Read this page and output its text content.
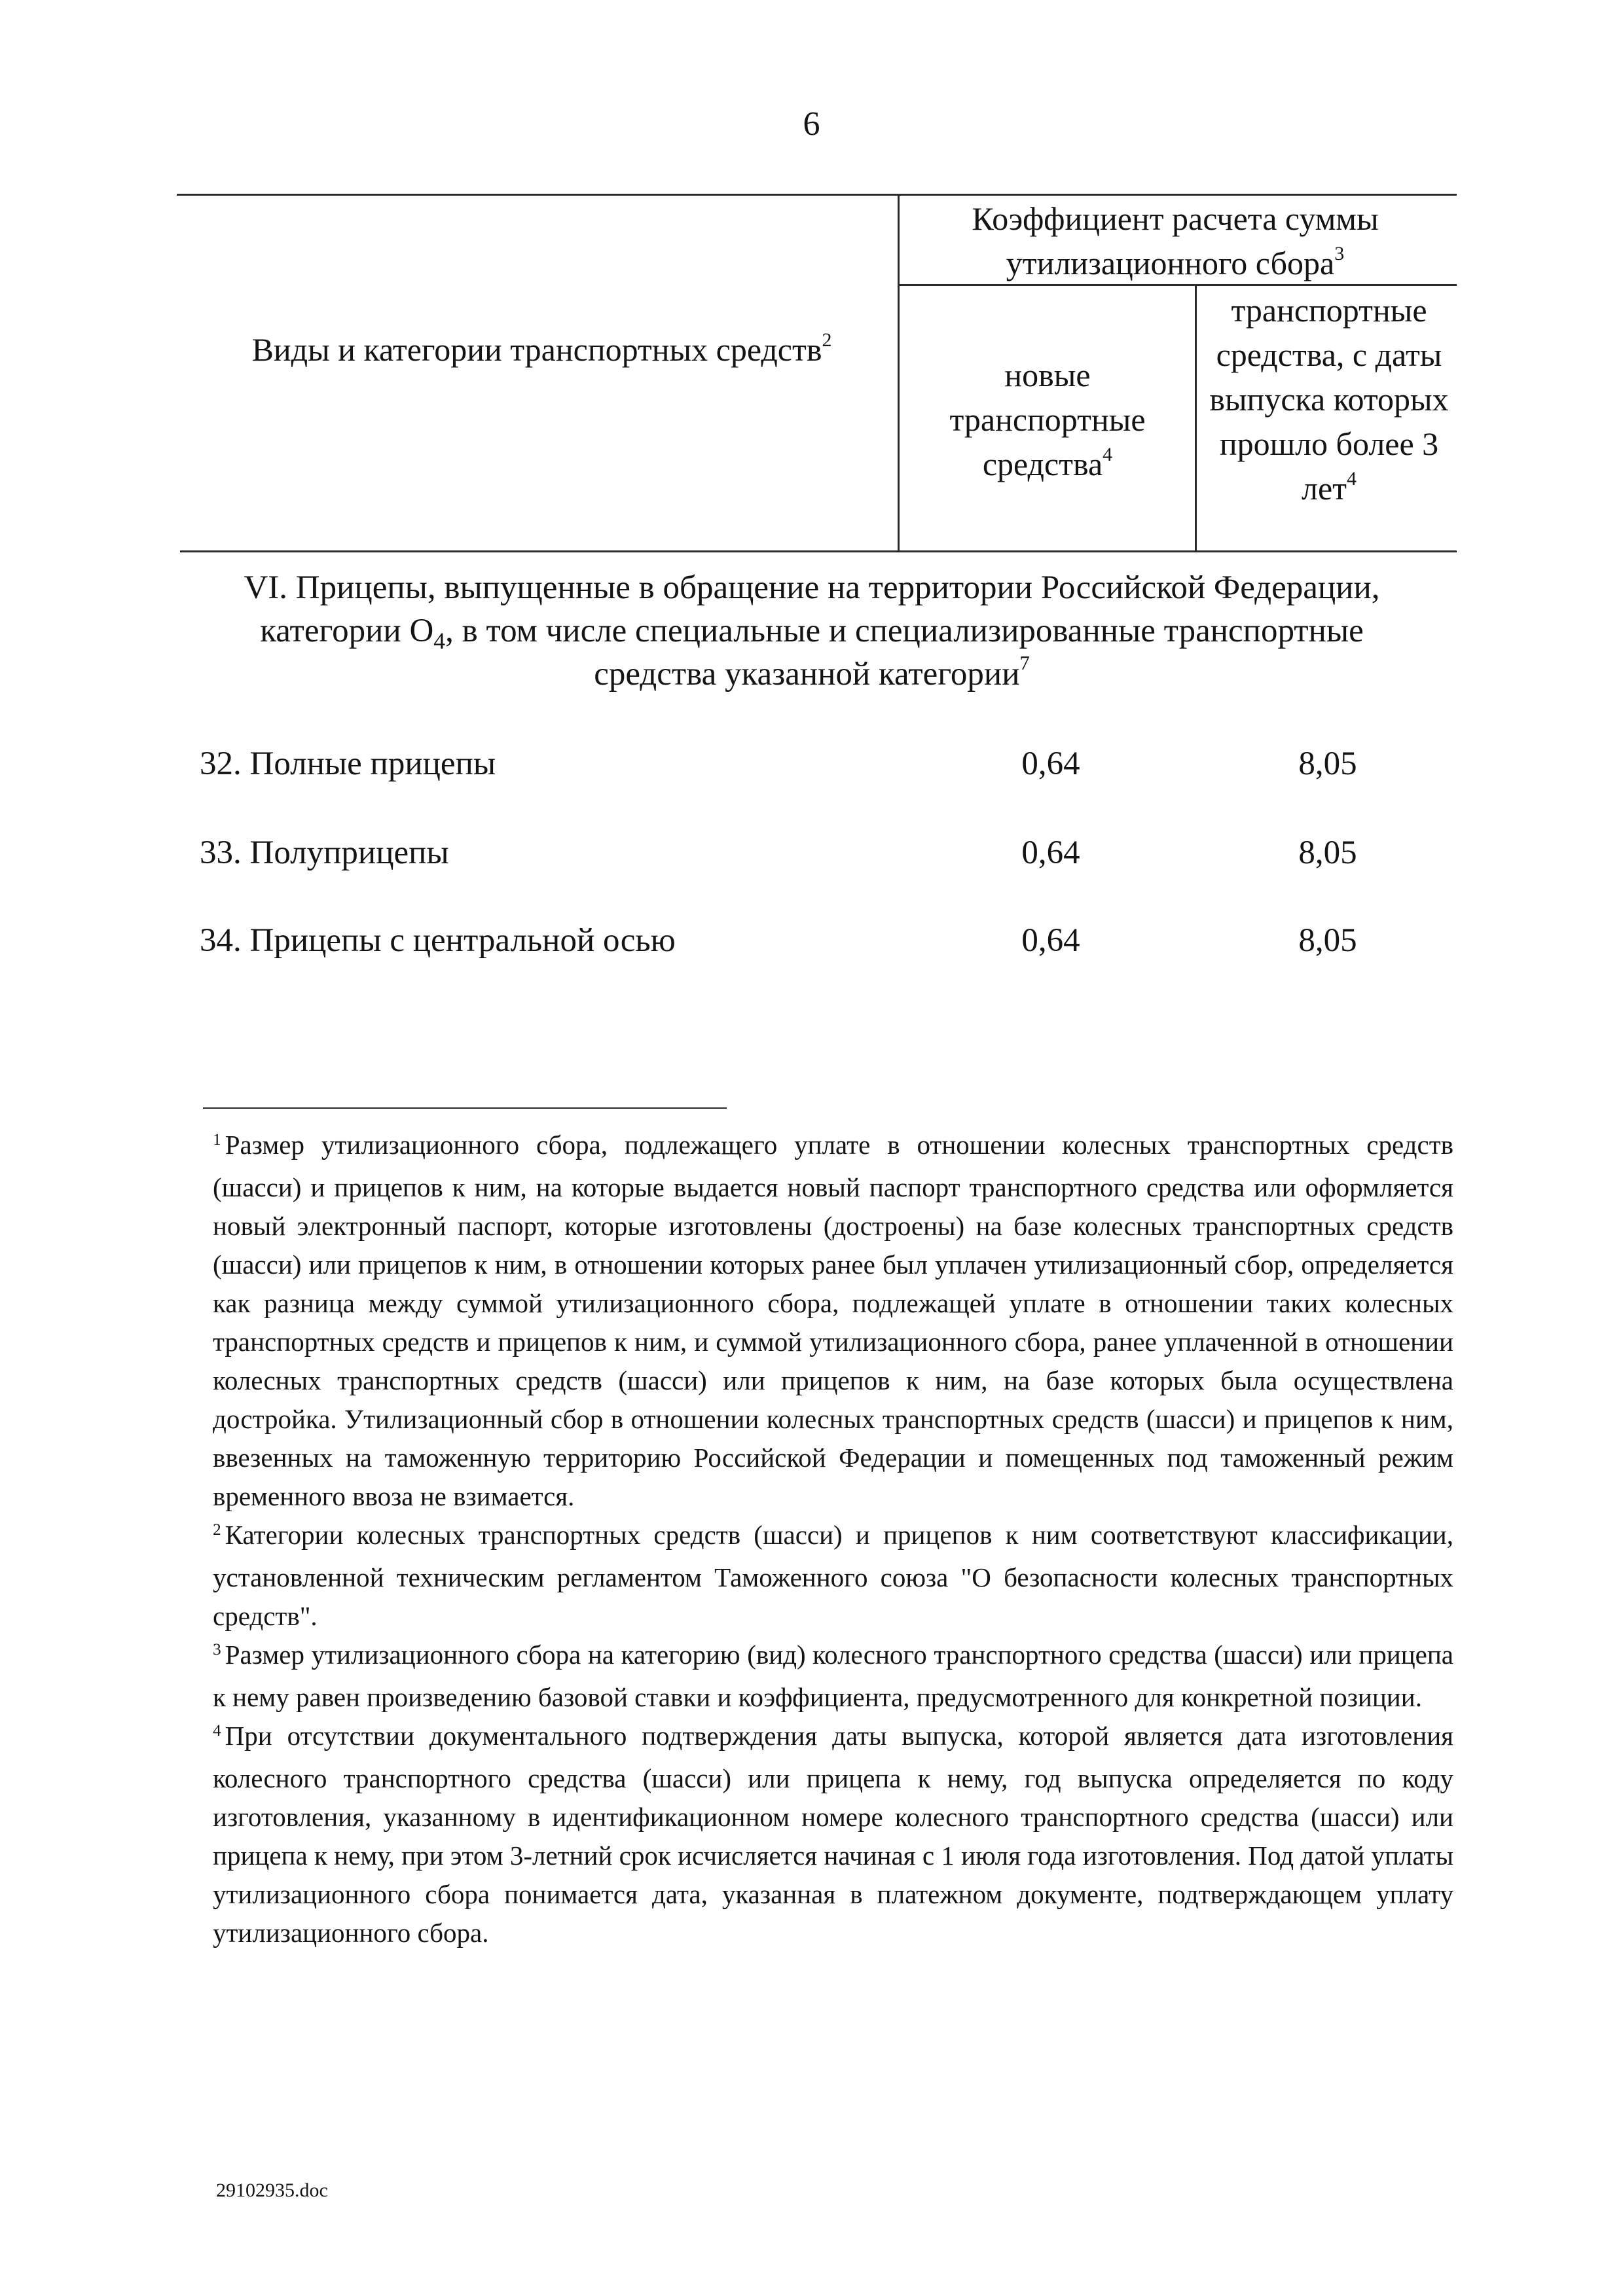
6
Виды и категории транспортных средств$^2$
Коэффициент расчета суммы утилизационного сбора$^3$
новые транспортные средства$^4$
транспортные средства, с даты выпуска которых прошло более 3 лет$^4$
VI. Прицепы, выпущенные в обращение на территории Российской Федерации, категории $О_4$, в том числе специальные и специализированные транспортные средства указанной категории$^7$
32. Полные прицепы	0,64	8,05
33. Полуприцепы	0,64	8,05
34. Прицепы с центральной осью	0,64	8,05

$^1$ Размер утилизационного сбора, подлежащего уплате в отношении колесных транспортных средств (шасси) и прицепов к ним, на которые выдается новый паспорт транспортного средства или оформляется новый электронный паспорт, которые изготовлены (достроены) на базе колесных транспортных средств (шасси) или прицепов к ним, в отношении которых ранее был уплачен утилизационный сбор, определяется как разница между суммой утилизационного сбора, подлежащей уплате в отношении таких колесных транспортных средств и прицепов к ним, и суммой утилизационного сбора, ранее уплаченной в отношении колесных транспортных средств (шасси) или прицепов к ним, на базе которых была осуществлена достройка. Утилизационный сбор в отношении колесных транспортных средств (шасси) и прицепов к ним, ввезенных на таможенную территорию Российской Федерации и помещенных под таможенный режим временного ввоза не взимается.

$^2$ Категории колесных транспортных средств (шасси) и прицепов к ним соответствуют классификации, установленной техническим регламентом Таможенного союза "О безопасности колесных транспортных средств".

$^3$ Размер утилизационного сбора на категорию (вид) колесного транспортного средства (шасси) или прицепа к нему равен произведению базовой ставки и коэффициента, предусмотренного для конкретной позиции.

$^4$ При отсутствии документального подтверждения даты выпуска, которой является дата изготовления колесного транспортного средства (шасси) или прицепа к нему, год выпуска определяется по коду изготовления, указанному в идентификационном номере колесного транспортного средства (шасси) или прицепа к нему, при этом 3-летний срок исчисляется начиная с 1 июля года изготовления. Под датой уплаты утилизационного сбора понимается дата, указанная в платежном документе, подтверждающем уплату утилизационного сбора.

29102935.doc
